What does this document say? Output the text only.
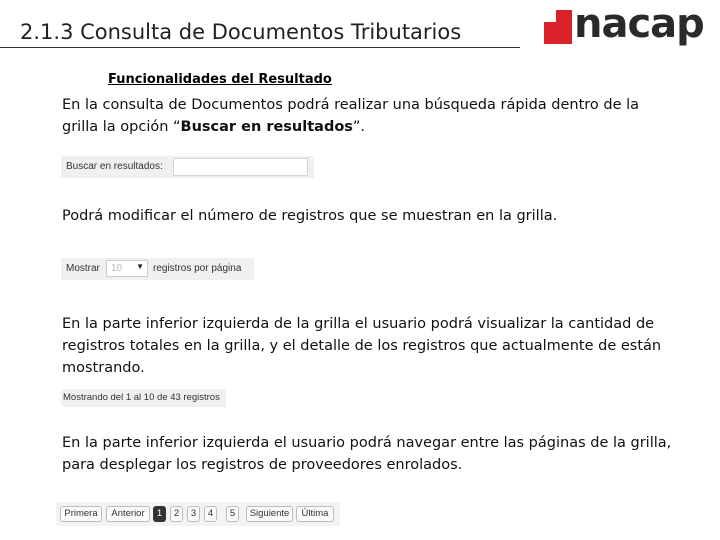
2.1.3 Consulta de Documentos Tributarios	nacap
Funcionalidades del Resultado
En la consulta de Documentos podrá realizar una búsqueda rápida dentro de la grilla la opción “Buscar en resultados”.
Buscar en resultados:
Podrá modificar el número de registros que se muestran en la grilla.
Mostrar 10 ▼ registros por página
En la parte inferior izquierda de la grilla el usuario podrá visualizar la cantidad de registros totales en la grilla, y el detalle de los registros que actualmente de están mostrando.
Mostrando del 1 al 10 de 43 registros
En la parte inferior izquierda el usuario podrá navegar entre las páginas de la grilla, para desplegar los registros de proveedores enrolados.
Primera	Anterior	1	2	3	4	5	Siguiente	Última
